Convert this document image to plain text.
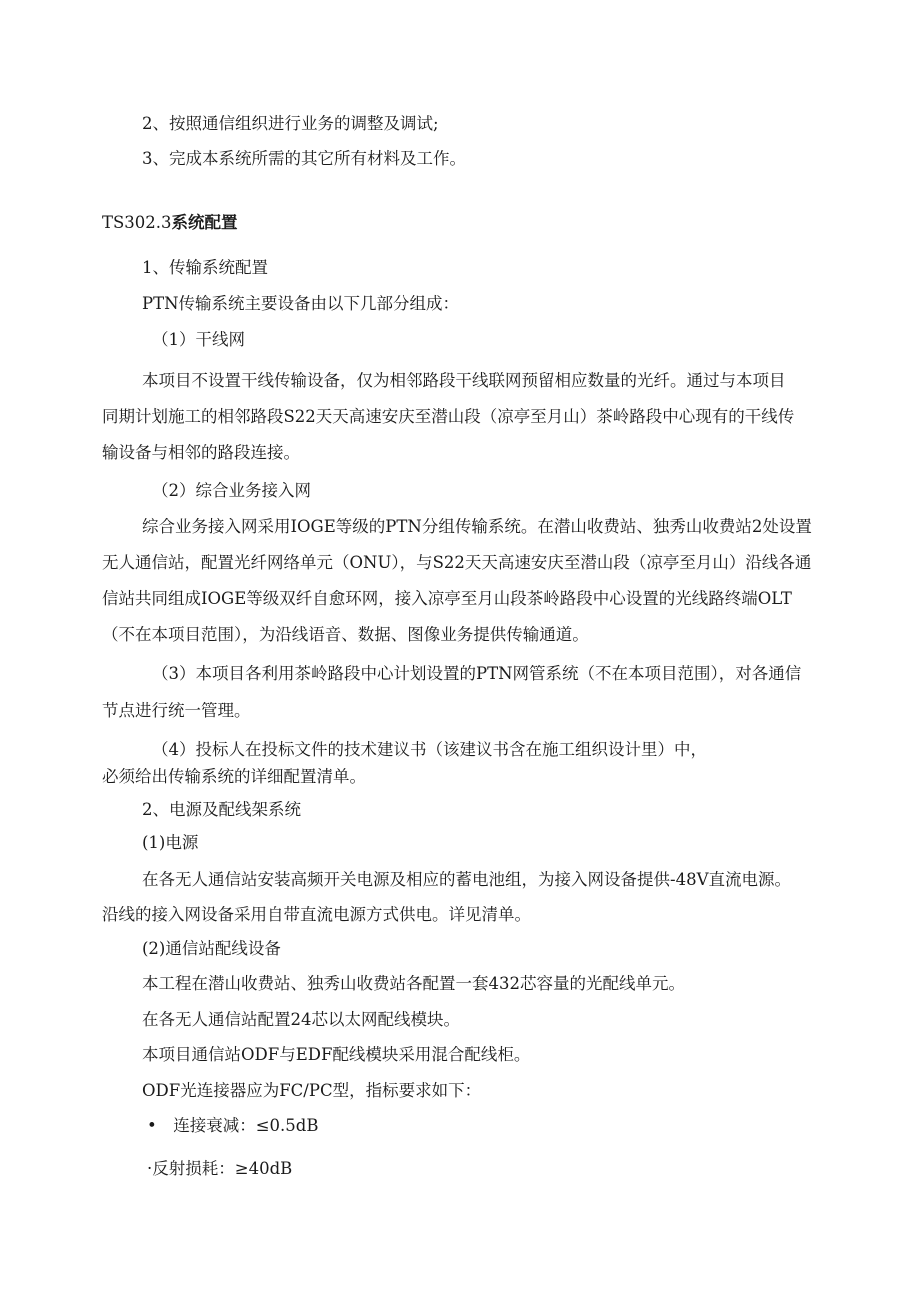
2、按照通信组织进行业务的调整及调试;
3、完成本系统所需的其它所有材料及工作。
TS302.3系统配置
1、传输系统配置
PTN传输系统主要设备由以下几部分组成：
（1）干线网
本项目不设置干线传输设备，仅为相邻路段干线联网预留相应数量的光纤。通过与本项目
同期计划施工的相邻路段S22天天高速安庆至潜山段（凉亭至月山）茶岭路段中心现有的干线传
输设备与相邻的路段连接。
（2）综合业务接入网
综合业务接入网采用IOGE等级的PTN分组传输系统。在潜山收费站、独秀山收费站2处设置
无人通信站，配置光纤网络单元（ONU），与S22天天高速安庆至潜山段（凉亭至月山）沿线各通
信站共同组成IOGE等级双纤自愈环网，接入凉亭至月山段茶岭路段中心设置的光线路终端OLT
（不在本项目范围），为沿线语音、数据、图像业务提供传输通道。
（3）本项目各利用茶岭路段中心计划设置的PTN网管系统（不在本项目范围），对各通信
节点进行统一管理。
（4）投标人在投标文件的技术建议书（该建议书含在施工组织设计里）中，
必须给出传输系统的详细配置清单。
2、电源及配线架系统
(1)电源
在各无人通信站安装高频开关电源及相应的蓄电池组，为接入网设备提供-48V直流电源。
沿线的接入网设备采用自带直流电源方式供电。详见清单。
(2)通信站配线设备
本工程在潜山收费站、独秀山收费站各配置一套432芯容量的光配线单元。
在各无人通信站配置24芯以太网配线模块。
本项目通信站ODF与EDF配线模块采用混合配线柜。
ODF光连接器应为FC/PC型，指标要求如下：
•　连接衰减：≤0.5dB
·反射损耗：≥40dB
